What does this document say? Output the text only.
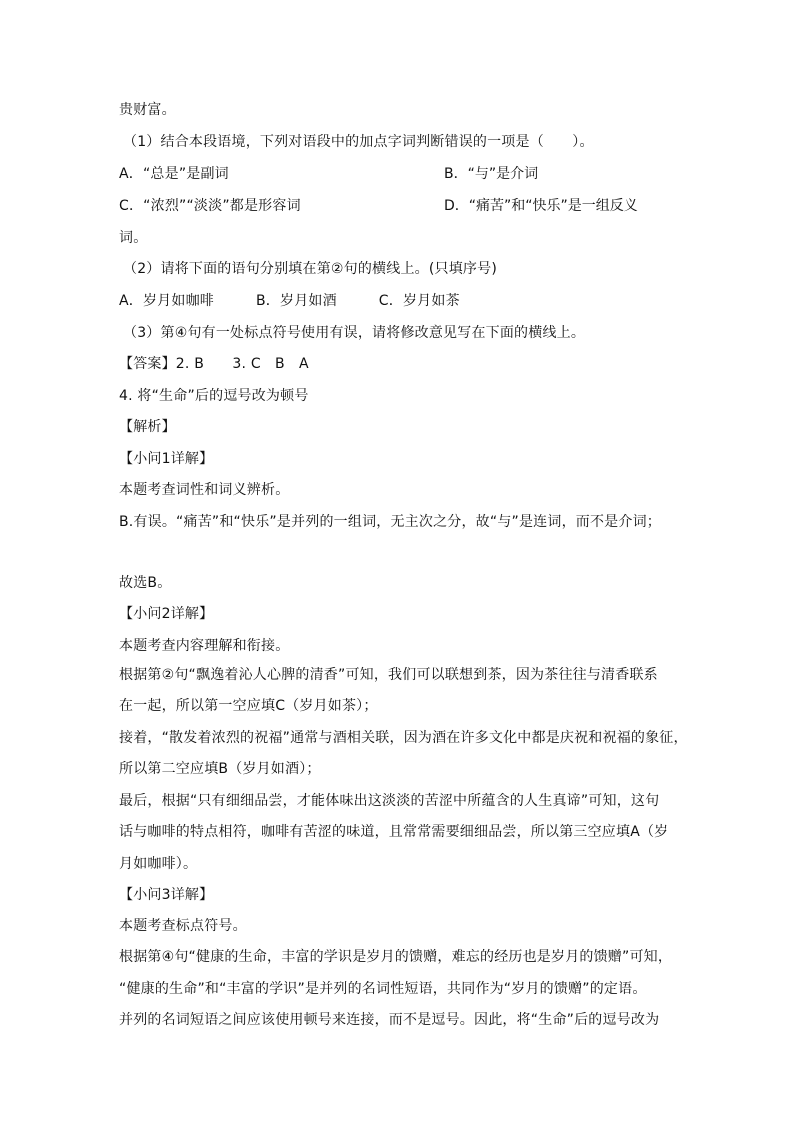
贵财富。
（1）结合本段语境，下列对语段中的加点字词判断错误的一项是（　　）。
A．“总是”是副词	B．“与”是介词
C．“浓烈”“淡淡”都是形容词	D．“痛苦”和“快乐”是一组反义
词。
（2）请将下面的语句分别填在第②句的横线上。(只填序号)
A．岁月如咖啡	B．岁月如酒	C．岁月如茶
（3）第④句有一处标点符号使用有误，请将修改意见写在下面的横线上。
【答案】2. B　　3. C　B　A
4. 将“生命”后的逗号改为顿号
【解析】
【小问1详解】
本题考查词性和词义辨析。
B.有误。“痛苦”和“快乐”是并列的一组词，无主次之分，故“与”是连词，而不是介词；
故选B。
【小问2详解】
本题考查内容理解和衔接。
根据第②句“飘逸着沁人心脾的清香”可知，我们可以联想到茶，因为茶往往与清香联系
在一起，所以第一空应填C（岁月如茶）；
接着，“散发着浓烈的祝福”通常与酒相关联，因为酒在许多文化中都是庆祝和祝福的象征，
所以第二空应填B（岁月如酒）；
最后，根据“只有细细品尝，才能体味出这淡淡的苦涩中所蕴含的人生真谛”可知，这句
话与咖啡的特点相符，咖啡有苦涩的味道，且常常需要细细品尝，所以第三空应填A（岁
月如咖啡）。
【小问3详解】
本题考查标点符号。
根据第④句“健康的生命，丰富的学识是岁月的馈赠，难忘的经历也是岁月的馈赠”可知，
“健康的生命”和“丰富的学识”是并列的名词性短语，共同作为“岁月的馈赠”的定语。
并列的名词短语之间应该使用顿号来连接，而不是逗号。因此，将“生命”后的逗号改为
